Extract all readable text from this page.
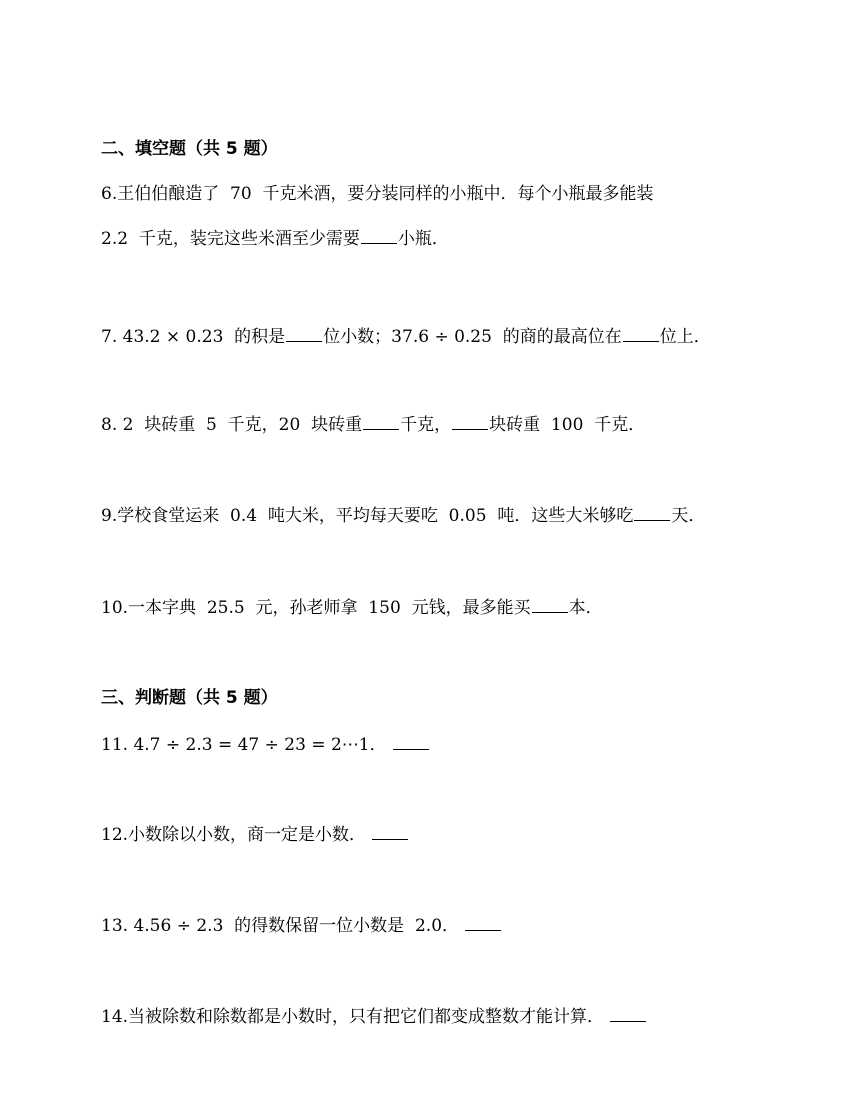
二、填空题（共 5 题）
6.王伯伯酿造了  70  千克米酒，要分装同样的小瓶中．每个小瓶最多能装
2.2  千克，装完这些米酒至少需要 小瓶．
7. 43.2 × 0.23  的积是 位小数；37.6 ÷ 0.25  的商的最高位在 位上．
8. 2  块砖重  5  千克，20  块砖重 千克， 块砖重  100  千克．
9.学校食堂运来  0.4  吨大米，平均每天要吃  0.05  吨．这些大米够吃 天．
10.一本字典  25.5  元，孙老师拿  150  元钱，最多能买 本．
三、判断题（共 5 题）
11. 4.7 ÷ 2.3 = 47 ÷ 23 = 2⋯1．
12.小数除以小数，商一定是小数．
13. 4.56 ÷ 2.3  的得数保留一位小数是  2.0．
14.当被除数和除数都是小数时，只有把它们都变成整数才能计算．
